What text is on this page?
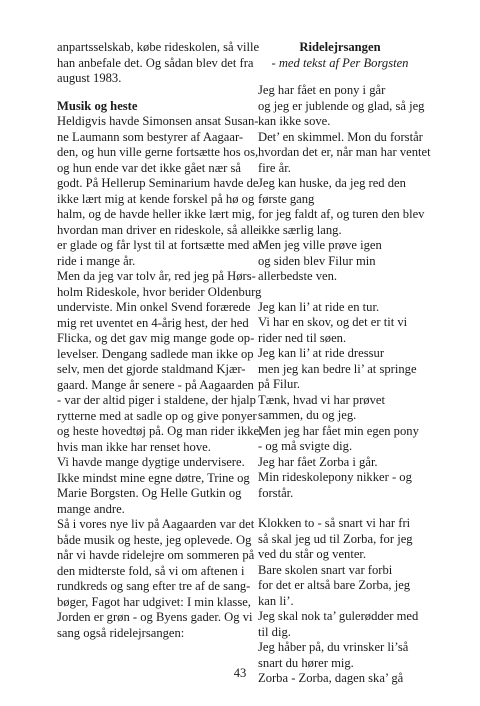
anpartsselskab, købe rideskolen, så ville
han anbefale det. Og sådan blev det fra
august 1983.
Musik og heste
Heldigvis havde Simonsen ansat Susan-
ne Laumann som bestyrer af Aagaar-
den, og hun ville gerne fortsætte hos os,
og hun ende var det ikke gået nær så
godt. På Hellerup Seminarium havde de
ikke lært mig at kende forskel på hø og
halm, og de havde heller ikke lært mig,
hvordan man driver en rideskole, så alle
er glade og får lyst til at fortsætte med at
ride i mange år.
Men da jeg var tolv år, red jeg på Hørs-
holm Rideskole, hvor berider Oldenburg
underviste. Min onkel Svend forærede
mig ret uventet en 4-årig hest, der hed
Flicka, og det gav mig mange gode op-
levelser. Dengang sadlede man ikke op
selv, men det gjorde staldmand Kjær-
gaard. Mange år senere - på Aagaarden
- var der altid piger i staldene, der hjalp
rytterne med at sadle op og give ponyer
og heste hovedtøj på. Og man rider ikke,
hvis man ikke har renset hove.
Vi havde mange dygtige undervisere.
Ikke mindst mine egne døtre, Trine og
Marie Borgsten. Og Helle Gutkin og
mange andre.
Så i vores nye liv på Aagaarden var det
både musik og heste, jeg oplevede. Og
når vi havde ridelejre om sommeren på
den midterste fold, så vi om aftenen i
rundkreds og sang efter tre af de sang-
bøger, Fagot har udgivet: I min klasse,
Jorden er grøn - og Byens gader. Og vi
sang også ridelejrsangen:
Ridelejrsangen
- med tekst af Per Borgsten
Jeg har fået en pony i går
og jeg er jublende og glad, så jeg
kan ikke sove.
Det’ en skimmel. Mon du forstår
hvordan det er, når man har ventet
fire år.
Jeg kan huske, da jeg red den
første gang
for jeg faldt af, og turen den blev
ikke særlig lang.
Men jeg ville prøve igen
og siden blev Filur min
allerbedste ven.
Jeg kan li’ at ride en tur.
Vi har en skov, og det er tit vi
rider ned til søen.
Jeg kan li’ at ride dressur
men jeg kan bedre li’ at springe
på Filur.
Tænk, hvad vi har prøvet
sammen, du og jeg.
Men jeg har fået min egen pony
- og må svigte dig.
Jeg har fået Zorba i går.
Min rideskolepony nikker - og
forstår.
Klokken to - så snart vi har fri
så skal jeg ud til Zorba, for jeg
ved du står og venter.
Bare skolen snart var forbi
for det er altså bare Zorba, jeg
kan li’.
Jeg skal nok ta’ gulerødder med
til dig.
Jeg håber på, du vrinsker li’så
snart du hører mig.
Zorba - Zorba, dagen ska’ gå
43
